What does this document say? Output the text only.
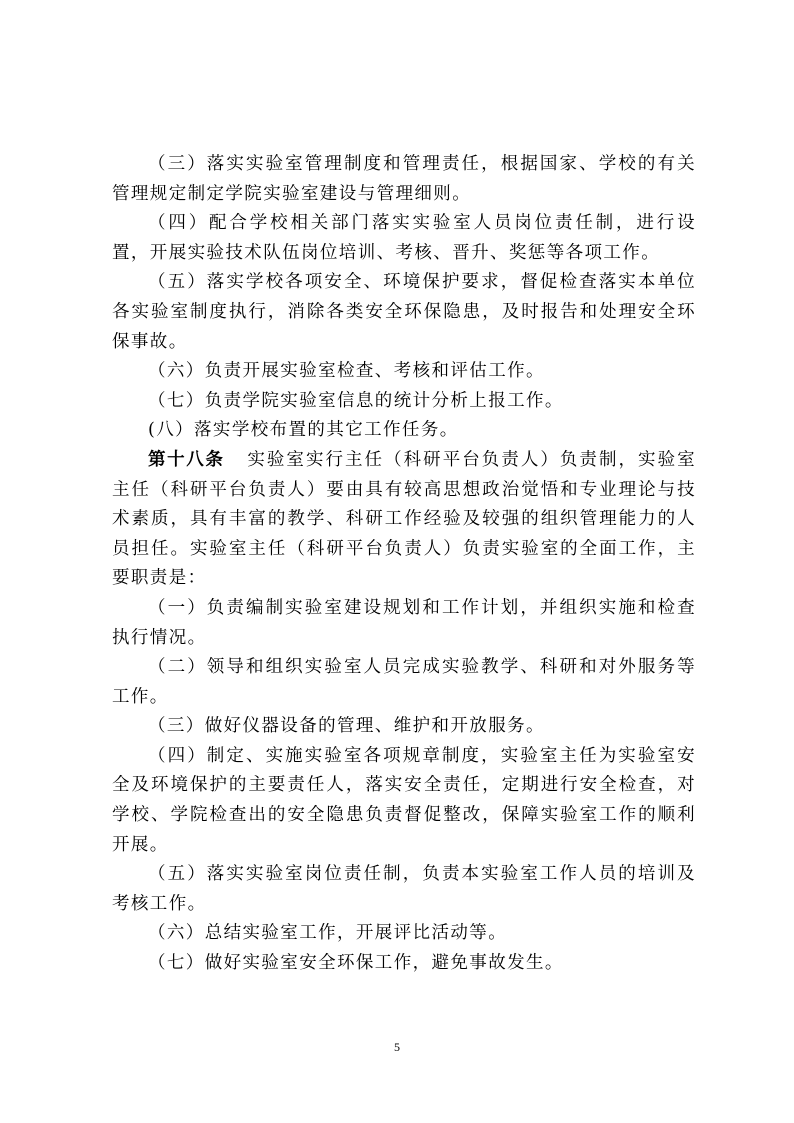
（三）落实实验室管理制度和管理责任，根据国家、学校的有关管理规定制定学院实验室建设与管理细则。

（四）配合学校相关部门落实实验室人员岗位责任制，进行设置，开展实验技术队伍岗位培训、考核、晋升、奖惩等各项工作。

（五）落实学校各项安全、环境保护要求，督促检查落实本单位各实验室制度执行，消除各类安全环保隐患，及时报告和处理安全环保事故。

（六）负责开展实验室检查、考核和评估工作。

（七）负责学院实验室信息的统计分析上报工作。

(八）落实学校布置的其它工作任务。

第十八条 实验室实行主任（科研平台负责人）负责制，实验室主任（科研平台负责人）要由具有较高思想政治觉悟和专业理论与技术素质，具有丰富的教学、科研工作经验及较强的组织管理能力的人员担任。实验室主任（科研平台负责人）负责实验室的全面工作，主要职责是：

（一）负责编制实验室建设规划和工作计划，并组织实施和检查执行情况。

（二）领导和组织实验室人员完成实验教学、科研和对外服务等工作。

（三）做好仪器设备的管理、维护和开放服务。

（四）制定、实施实验室各项规章制度，实验室主任为实验室安全及环境保护的主要责任人，落实安全责任，定期进行安全检查，对学校、学院检查出的安全隐患负责督促整改，保障实验室工作的顺利开展。

（五）落实实验室岗位责任制，负责本实验室工作人员的培训及考核工作。

（六）总结实验室工作，开展评比活动等。

（七）做好实验室安全环保工作，避免事故发生。

5
